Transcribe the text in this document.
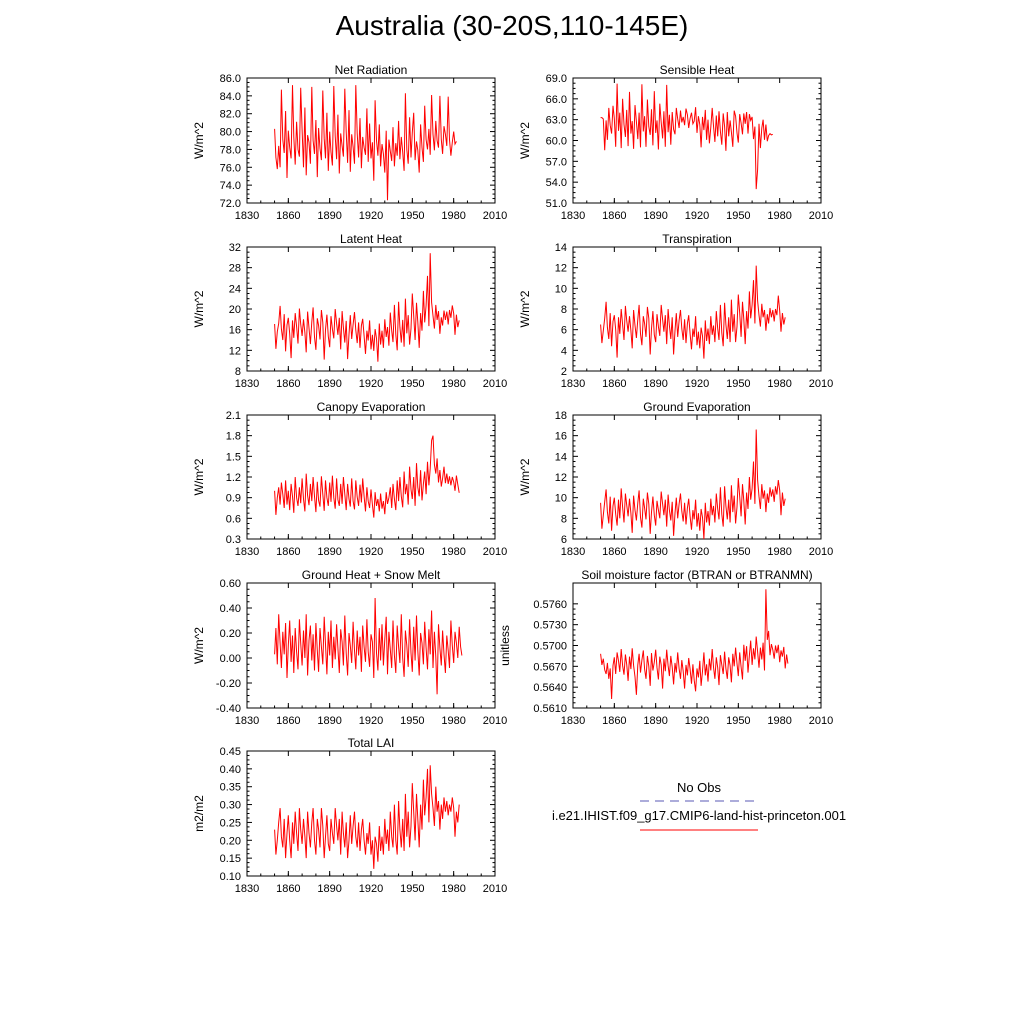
Australia (30-20S,110-145E)
Net Radiation
W/m^2
1830 1860 1890 1920 1950 1980 2010
72.0
74.0
76.0
78.0
80.0
82.0
84.0
86.0
Sensible Heat
W/m^2
1830 1860 1890 1920 1950 1980 2010
51.0
54.0
57.0
60.0
63.0
66.0
69.0
Latent Heat
W/m^2
1830 1860 1890 1920 1950 1980 2010
8
12
16
20
24
28
32
Transpiration
W/m^2
1830 1860 1890 1920 1950 1980 2010
2
4
6
8
10
12
14
Canopy Evaporation
W/m^2
1830 1860 1890 1920 1950 1980 2010
0.3
0.6
0.9
1.2
1.5
1.8
2.1
Ground Evaporation
W/m^2
1830 1860 1890 1920 1950 1980 2010
6
8
10
12
14
16
18
Ground Heat + Snow Melt
W/m^2
1830 1860 1890 1920 1950 1980 2010
-0.40
-0.20
0.00
0.20
0.40
0.60
Soil moisture factor (BTRAN or BTRANMN)
unitless
1830 1860 1890 1920 1950 1980 2010
0.5610
0.5640
0.5670
0.5700
0.5730
0.5760
Total LAI
m2/m2
1830 1860 1890 1920 1950 1980 2010
0.10
0.15
0.20
0.25
0.30
0.35
0.40
0.45
No Obs
i.e21.IHIST.f09_g17.CMIP6-land-hist-princeton.001
